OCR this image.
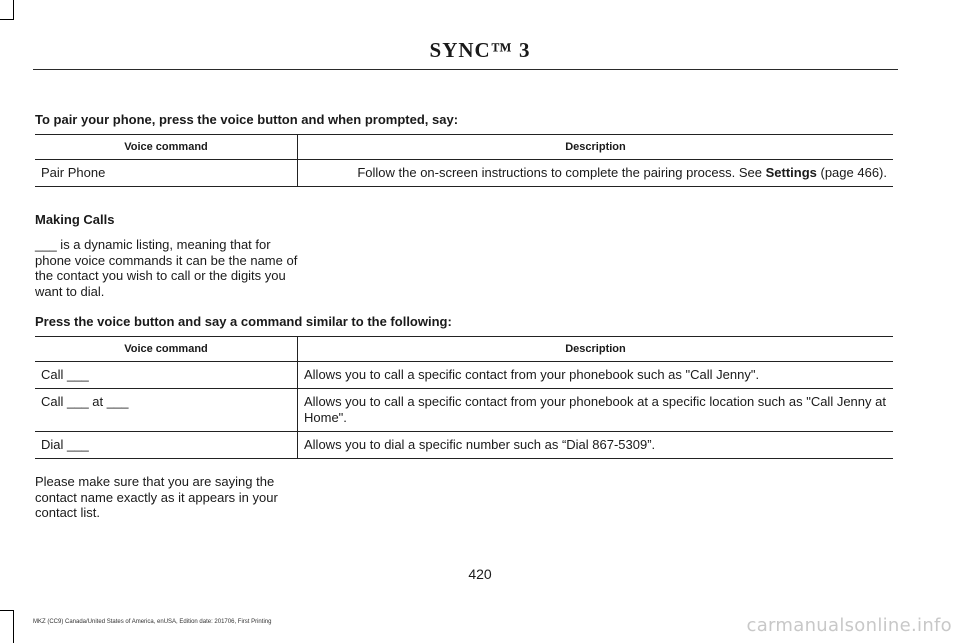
SYNC™ 3
To pair your phone, press the voice button and when prompted, say:
Voice command	Description
Pair Phone	Follow the on-screen instructions to complete the pairing process. See Settings (page 466).
Making Calls
___ is a dynamic listing, meaning that for phone voice commands it can be the name of the contact you wish to call or the digits you want to dial.
Press the voice button and say a command similar to the following:
Voice command	Description
Call ___	Allows you to call a specific contact from your phonebook such as "Call Jenny".
Call ___ at ___	Allows you to call a specific contact from your phonebook at a specific location such as "Call Jenny at Home".
Dial ___	Allows you to dial a specific number such as “Dial 867-5309”.
Please make sure that you are saying the contact name exactly as it appears in your contact list.
420
MKZ (CC9) Canada/United States of America, enUSA, Edition date: 201706, First Printing	carmanualsonline.info
